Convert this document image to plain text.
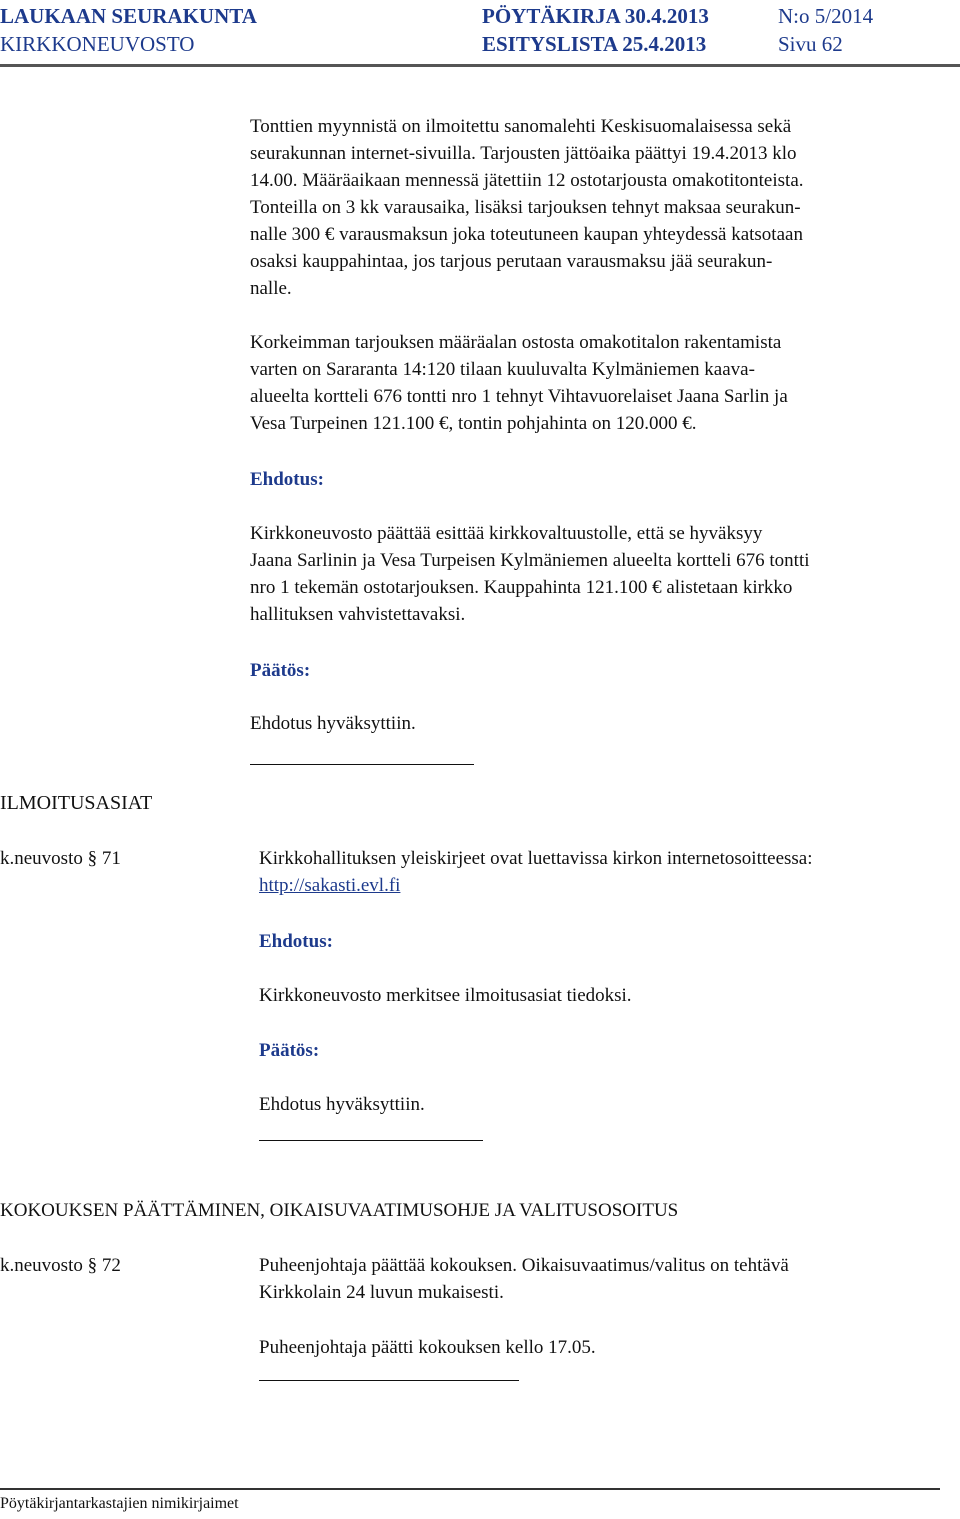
LAUKAAN SEURAKUNTA
KIRKKONEUVOSTO
PÖYTÄKIRJA 30.4.2013
ESITYSLISTA 25.4.2013
N:o 5/2014
Sivu 62

Tonttien myynnistä on ilmoitettu sanomalehti Keskisuomalaisessa sekä

seurakunnan internet-sivuilla. Tarjousten jättöaika päättyi 19.4.2013 klo

14.00. Määräaikaan mennessä jätettiin 12 ostotarjousta omakotitonteista.

Tonteilla on 3 kk varausaika, lisäksi tarjouksen tehnyt maksaa seurakun-

nalle 300 € varausmaksun joka toteutuneen kaupan yhteydessä katsotaan

osaksi kauppahintaa, jos tarjous perutaan varausmaksu jää seurakun-

nalle.

Korkeimman tarjouksen määräalan ostosta omakotitalon rakentamista

varten on Sararanta 14:120 tilaan kuuluvalta Kylmäniemen kaava-

alueelta kortteli 676 tontti nro 1 tehnyt Vihtavuorelaiset Jaana Sarlin ja

Vesa Turpeinen 121.100 €, tontin pohjahinta on 120.000 €.

Ehdotus:

Kirkkoneuvosto päättää esittää kirkkovaltuustolle, että se hyväksyy

Jaana Sarlinin ja Vesa Turpeisen Kylmäniemen alueelta kortteli 676 tontti

nro 1 tekemän ostotarjouksen. Kauppahinta 121.100 € alistetaan kirkko

hallituksen vahvistettavaksi.

Päätös:
Ehdotus hyväksyttiin.
ILMOITUSASIAT
k.neuvosto § 71	Kirkkohallituksen yleiskirjeet ovat luettavissa kirkon internetosoitteessa:

http://sakasti.evl.fi

Ehdotus:
Kirkkoneuvosto merkitsee ilmoitusasiat tiedoksi.
Päätös:
Ehdotus hyväksyttiin.
KOKOUKSEN PÄÄTTÄMINEN, OIKAISUVAATIMUSOHJE JA VALITUSOSOITUS
k.neuvosto § 72	Puheenjohtaja päättää kokouksen. Oikaisuvaatimus/valitus on tehtävä

Kirkkolain 24 luvun mukaisesti.

Puheenjohtaja päätti kokouksen kello 17.05.
Pöytäkirjantarkastajien nimikirjaimet
